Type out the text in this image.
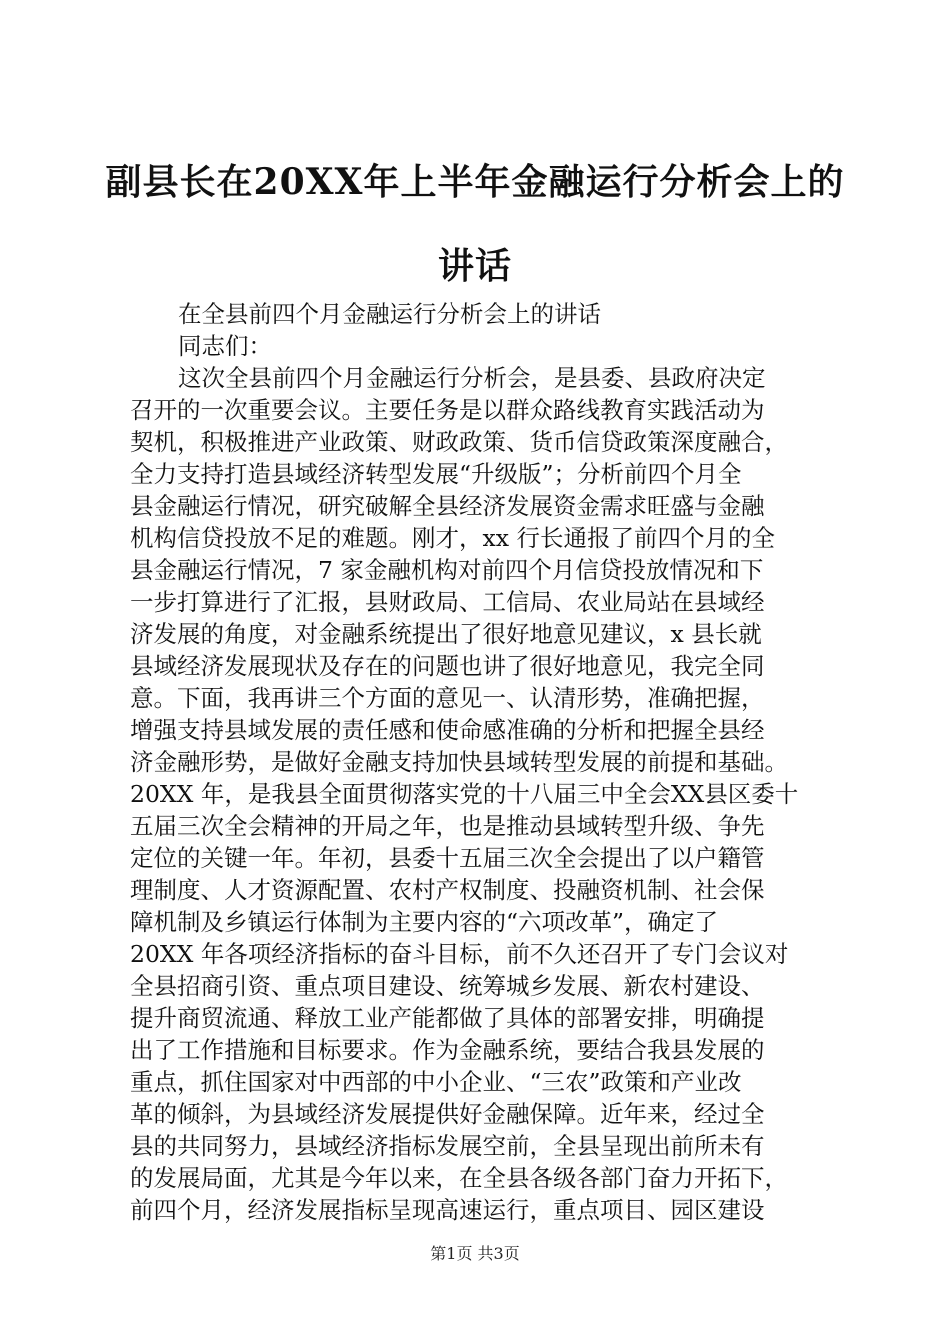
副县长在20XX年上半年金融运行分析会上的
讲话
在全县前四个月金融运行分析会上的讲话
同志们：
这次全县前四个月金融运行分析会，是县委、县政府决定
召开的一次重要会议。主要任务是以群众路线教育实践活动为
契机，积极推进产业政策、财政政策、货币信贷政策深度融合，
全力支持打造县域经济转型发展“升级版”；分析前四个月全
县金融运行情况，研究破解全县经济发展资金需求旺盛与金融
机构信贷投放不足的难题。刚才，xx 行长通报了前四个月的全
县金融运行情况，7 家金融机构对前四个月信贷投放情况和下
一步打算进行了汇报，县财政局、工信局、农业局站在县域经
济发展的角度，对金融系统提出了很好地意见建议，x 县长就
县域经济发展现状及存在的问题也讲了很好地意见，我完全同
意。下面，我再讲三个方面的意见一、认清形势，准确把握，
增强支持县域发展的责任感和使命感准确的分析和把握全县经
济金融形势，是做好金融支持加快县域转型发展的前提和基础。
20XX 年，是我县全面贯彻落实党的十八届三中全会XX县区委十
五届三次全会精神的开局之年，也是推动县域转型升级、争先
定位的关键一年。年初，县委十五届三次全会提出了以户籍管
理制度、人才资源配置、农村产权制度、投融资机制、社会保
障机制及乡镇运行体制为主要内容的“六项改革”，确定了
20XX 年各项经济指标的奋斗目标，前不久还召开了专门会议对
全县招商引资、重点项目建设、统筹城乡发展、新农村建设、
提升商贸流通、释放工业产能都做了具体的部署安排，明确提
出了工作措施和目标要求。作为金融系统，要结合我县发展的
重点，抓住国家对中西部的中小企业、“三农”政策和产业改
革的倾斜，为县域经济发展提供好金融保障。近年来，经过全
县的共同努力，县域经济指标发展空前，全县呈现出前所未有
的发展局面，尤其是今年以来，在全县各级各部门奋力开拓下，
前四个月，经济发展指标呈现高速运行，重点项目、园区建设
第1页 共3页
